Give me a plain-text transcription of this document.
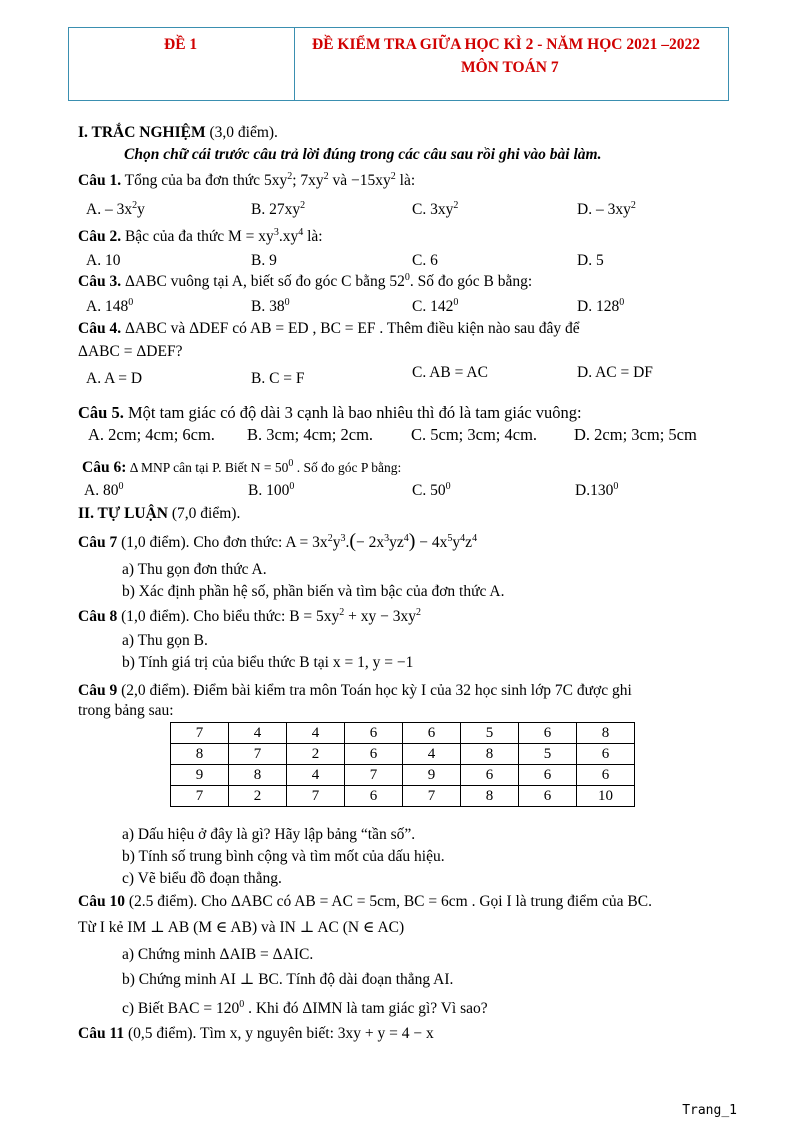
ĐỀ 1	ĐỀ KIỂM TRA GIỮA HỌC KÌ 2 - NĂM HỌC 2021 –2022
MÔN TOÁN 7
I. TRẮC NGHIỆM (3,0 điểm).
Chọn chữ cái trước câu trả lời đúng trong các câu sau rồi ghi vào bài làm.
Câu 1. Tổng của ba đơn thức $5xy^2$; $7xy^2$ và $-15xy^2$ là:
A. – $3x^2y$	B. $27xy^2$	C. $3xy^2$	D. – $3xy^2$
Câu 2. Bậc của đa thức $M = xy^3.xy^4$ là:
A. 10	B. 9	C. 6	D. 5
Câu 3. ΔABC vuông tại A, biết số đo góc C bằng $52^0$. Số đo góc B bằng:
A. $148^0$	B. $38^0$	C. $142^0$	D. $128^0$
Câu 4. ΔABC và ΔDEF có AB = ED , BC = EF . Thêm điều kiện nào sau đây để
ΔABC = ΔDEF?
A. A = D	B. C = F	C. AB = AC	D. AC = DF
Câu 5. Một tam giác có độ dài 3 cạnh là bao nhiêu thì đó là tam giác vuông:
A. 2cm; 4cm; 6cm. B. 3cm; 4cm; 2cm. C. 5cm; 3cm; 4cm. D. 2cm; 3cm; 5cm
Câu 6: Δ MNP cân tại P. Biết $N = 50^0$ . Số đo góc P bằng:
A. $80^0$	B. $100^0$	C. $50^0$	D.130$^0$
II. TỰ LUẬN (7,0 điểm).
Câu 7 (1,0 điểm). Cho đơn thức: $A = 3x^2y^3.(- 2x^3yz^4) - 4x^5y^4z^4$
a) Thu gọn đơn thức A.
b) Xác định phần hệ số, phần biến và tìm bậc của đơn thức A.
Câu 8 (1,0 điểm). Cho biểu thức: $B = 5xy^2$ + xy − $3xy^2$
a) Thu gọn B.
b) Tính giá trị của biểu thức B tại x = 1, y = −1
Câu 9 (2,0 điểm). Điểm bài kiểm tra môn Toán học kỳ I của 32 học sinh lớp 7C được ghi
trong bảng sau:
7	4	4	6	6	5	6	8
8	7	2	6	4	8	5	6
9	8	4	7	9	6	6	6
7	2	7	6	7	8	6	10
a) Dấu hiệu ở đây là gì? Hãy lập bảng “tần số”.
b) Tính số trung bình cộng và tìm mốt của dấu hiệu.
c) Vẽ biểu đồ đoạn thẳng.
Câu 10 (2.5 điểm). Cho ΔABC có AB = AC = 5cm, BC = 6cm . Gọi I là trung điểm của BC.
Từ I kẻ IM ⊥ AB (M ∈ AB) và IN ⊥ AC (N ∈ AC)
a) Chứng minh ΔAIB = ΔAIC.
b) Chứng minh AI ⊥ BC. Tính độ dài đoạn thẳng AI.
c) Biết BAC = $120^0$ . Khi đó ΔIMN là tam giác gì? Vì sao?
Câu 11 (0,5 điểm). Tìm x, y nguyên biết: 3xy + y = 4 − x
Trang_1
